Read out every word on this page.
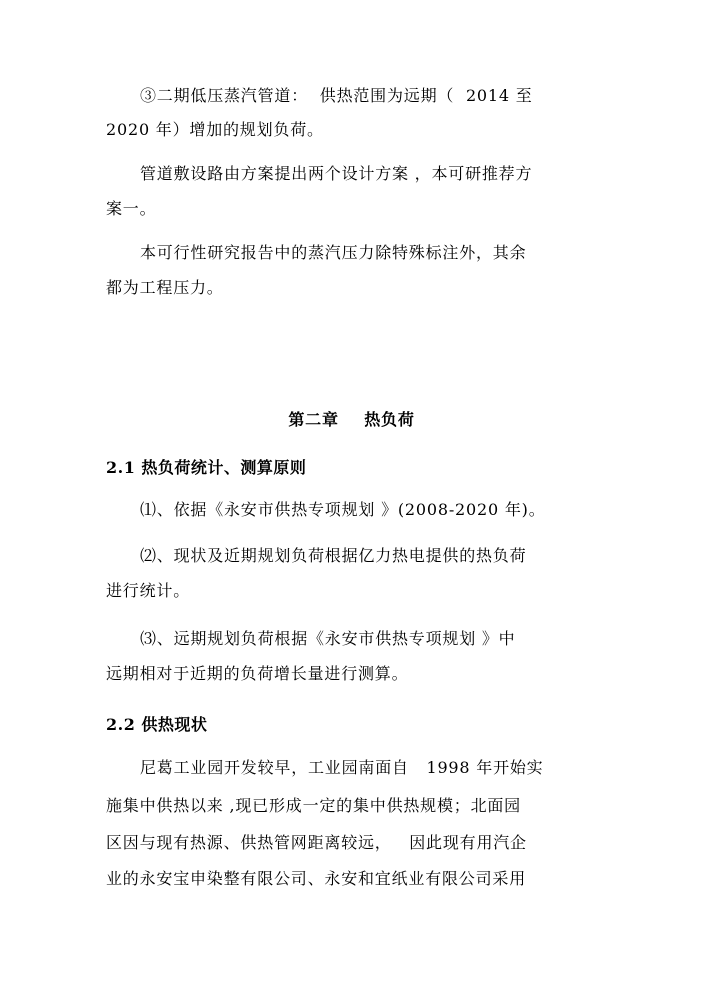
③二期低压蒸汽管道：  供热范围为远期（  2014 至
2020 年）增加的规划负荷。
管道敷设路由方案提出两个设计方案 ，本可研推荐方
案一。
本可行性研究报告中的蒸汽压力除特殊标注外，其余
都为工程压力。
第二章    热负荷
2.1 热负荷统计、测算原则
⑴、依据《永安市供热专项规划 》(2008-2020 年)。
⑵、现状及近期规划负荷根据亿力热电提供的热负荷
进行统计。
⑶、远期规划负荷根据《永安市供热专项规划 》中
远期相对于近期的负荷增长量进行测算。
2.2 供热现状
尼葛工业园开发较早，工业园南面自   1998 年开始实
施集中供热以来 ,现已形成一定的集中供热规模；北面园
区因与现有热源、供热管网距离较远，   因此现有用汽企
业的永安宝申染整有限公司、永安和宜纸业有限公司采用
